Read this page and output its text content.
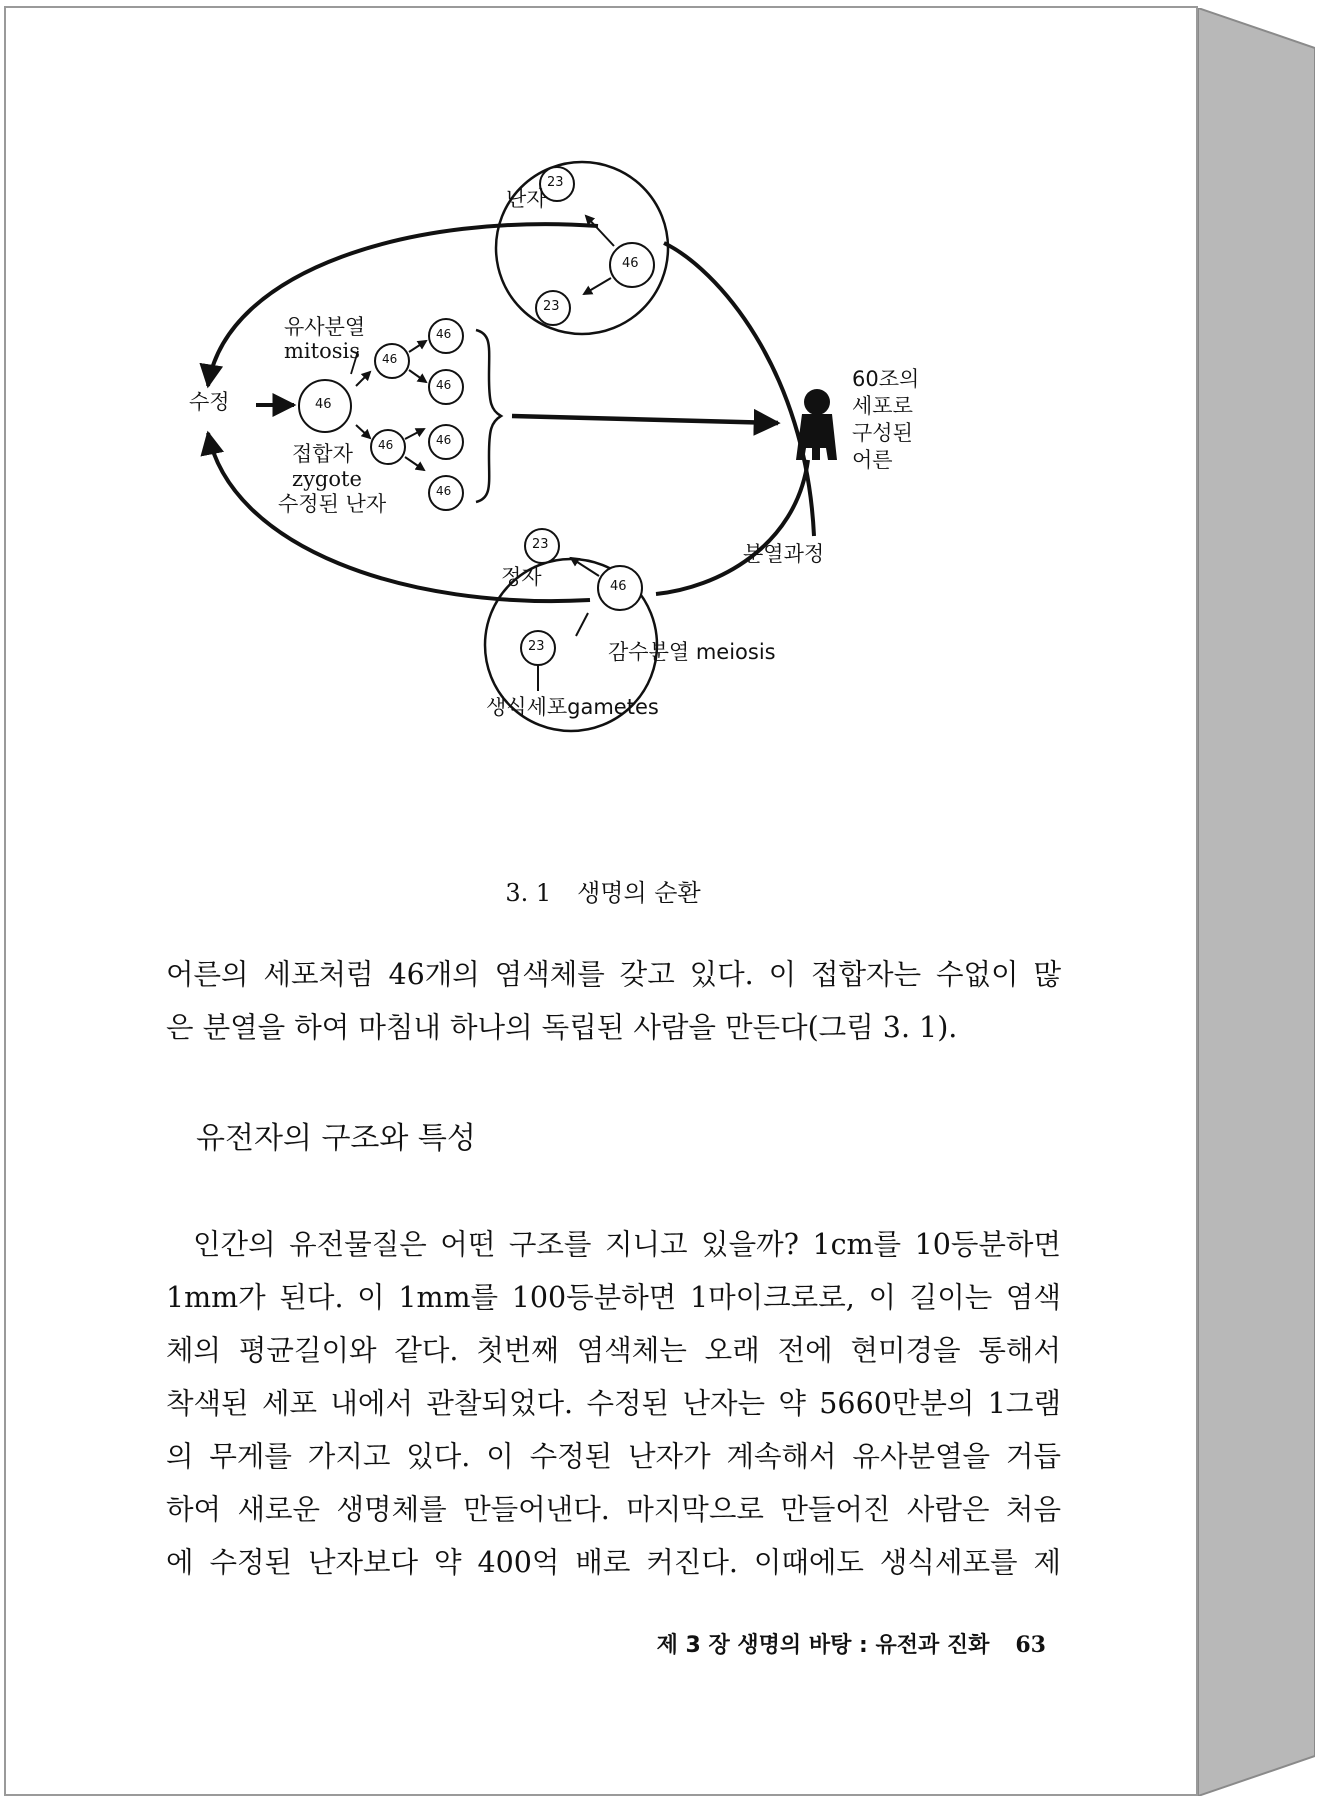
23
46
23
23
46
23
46
46
46
46
46
46
46
난자
유사분열
mitosis
수정
접합자
zygote
수정된 난자
60조의
세포로
구성된
어른
분열과정
정자
감수분열 meiosis
생식세포gametes
3. 1 생명의 순환
어른의 세포처럼 46개의 염색체를 갖고 있다. 이 접합자는 수없이 많
은 분열을 하여 마침내 하나의 독립된 사람을 만든다(그림 3. 1).
유전자의 구조와 특성
인간의 유전물질은 어떤 구조를 지니고 있을까? 1cm를 10등분하면
1mm가 된다. 이 1mm를 100등분하면 1마이크로로, 이 길이는 염색
체의 평균길이와 같다. 첫번째 염색체는 오래 전에 현미경을 통해서
착색된 세포 내에서 관찰되었다. 수정된 난자는 약 5660만분의 1그램
의 무게를 가지고 있다. 이 수정된 난자가 계속해서 유사분열을 거듭
하여 새로운 생명체를 만들어낸다. 마지막으로 만들어진 사람은 처음
에 수정된 난자보다 약 400억 배로 커진다. 이때에도 생식세포를 제
제 3 장 생명의 바탕 : 유전과 진화 63
